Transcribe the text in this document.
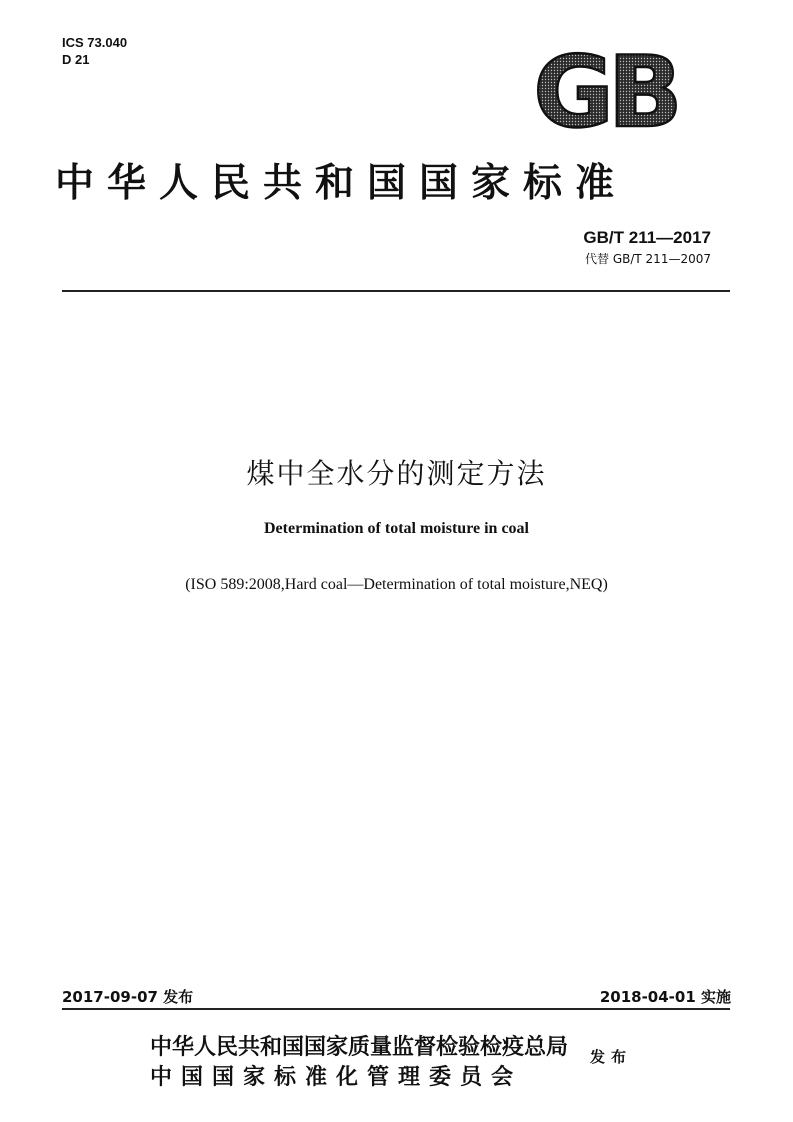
ICS 73.040
D 21	GB
中华人民共和国国家标准
GB/T 211—2017
代替 GB/T 211—2007
煤中全水分的测定方法
Determination of total moisture in coal
(ISO 589:2008,Hard coal—Determination of total moisture,NEQ)
2017-09-07 发布	2018-04-01 实施
中华人民共和国国家质量监督检验检疫总局
中国国家标准化管理委员会
发布
